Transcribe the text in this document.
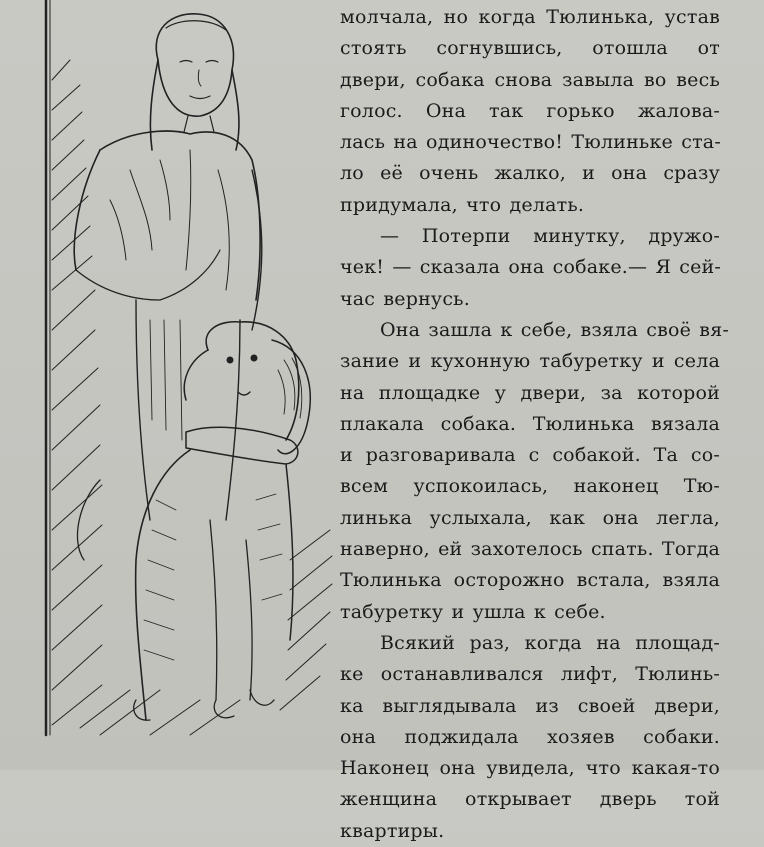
молчала, но когда Тюлинька, устав
стоять согнувшись, отошла от
двери, собака снова завыла во весь
голос. Она так горько жалова-
лась на одиночество! Тюлиньке ста-
ло её очень жалко, и она сразу
придумала, что делать.
— Потерпи минутку, дружо-
чек! — сказала она собаке.— Я сей-
час вернусь.
Она зашла к себе, взяла своё вя-
зание и кухонную табуретку и села
на площадке у двери, за которой
плакала собака. Тюлинька вязала
и разговаривала с собакой. Та со-
всем успокоилась, наконец Тю-
линька услыхала, как она легла,
наверно, ей захотелось спать. Тогда
Тюлинька осторожно встала, взяла
табуретку и ушла к себе.
Всякий раз, когда на площад-
ке останавливался лифт, Тюлинь-
ка выглядывала из своей двери,
она поджидала хозяев собаки.
Наконец она увидела, что какая-то
женщина открывает дверь той
квартиры.
